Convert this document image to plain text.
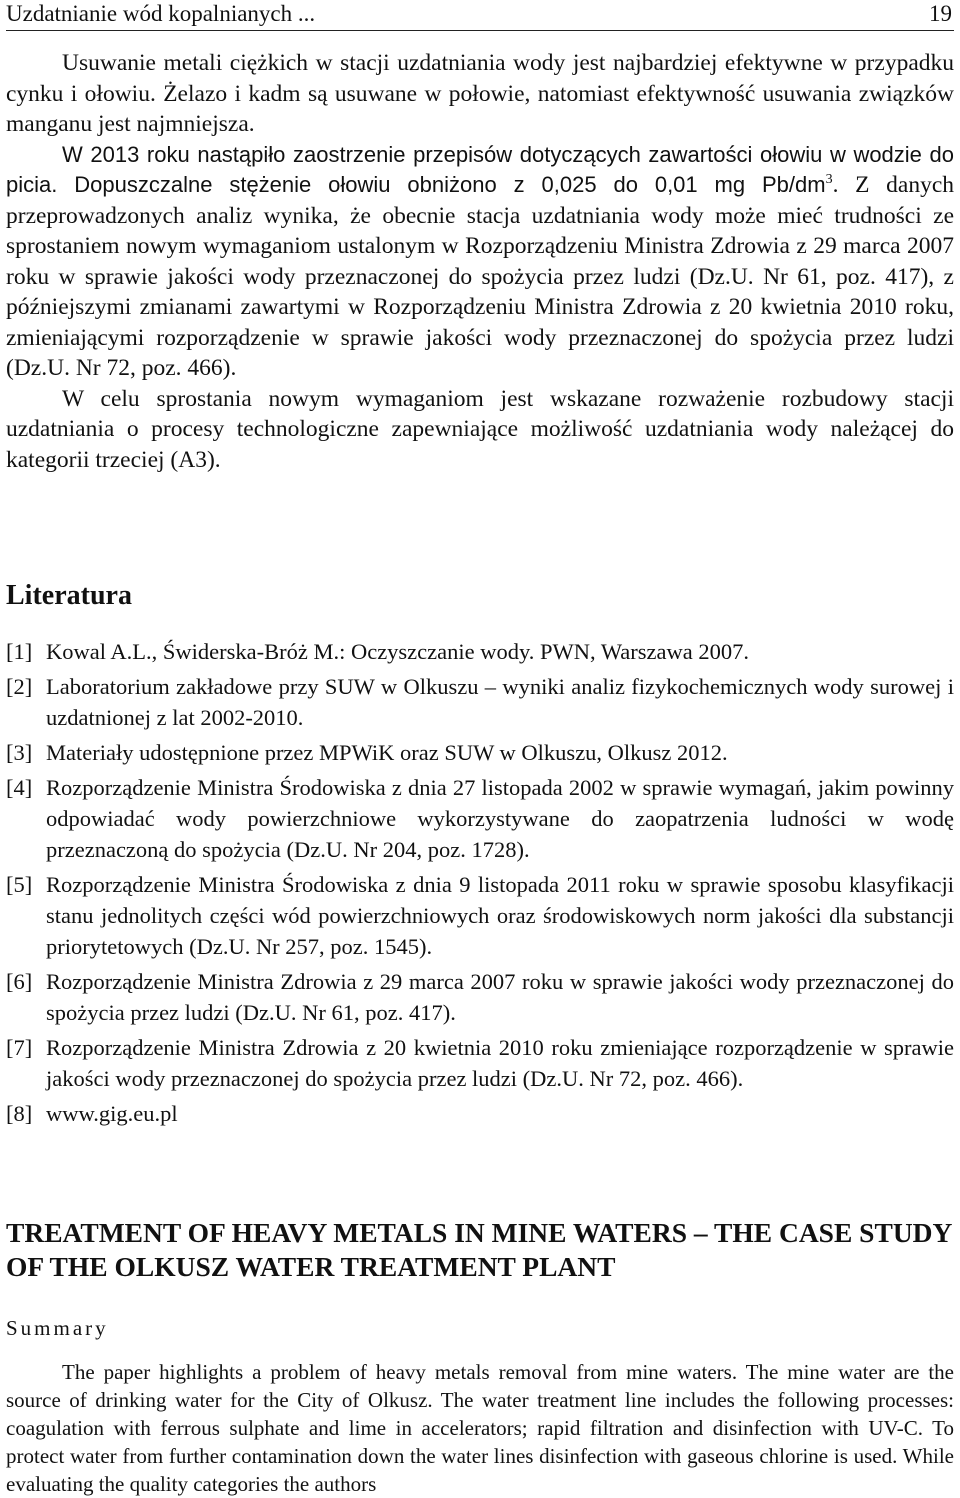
Uzdatnianie wód kopalnianych ...	19

Usuwanie metali ciężkich w stacji uzdatniania wody jest najbardziej efektywne w przypadku cynku i ołowiu. Żelazo i kadm są usuwane w połowie, natomiast efektywność usuwania związków manganu jest najmniejsza.

W 2013 roku nastąpiło zaostrzenie przepisów dotyczących zawartości ołowiu w wodzie do picia. Dopuszczalne stężenie ołowiu obniżono z 0,025 do 0,01 mg $Pb/dm^3$. Z danych przeprowadzonych analiz wynika, że obecnie stacja uzdatniania wody może mieć trudności ze sprostaniem nowym wymaganiom ustalonym w Rozporządzeniu Ministra Zdrowia z 29 marca 2007 roku w sprawie jakości wody przeznaczonej do spożycia przez ludzi (Dz.U. Nr 61, poz. 417), z późniejszymi zmianami zawartymi w Rozporządzeniu Ministra Zdrowia z 20 kwietnia 2010 roku, zmieniającymi rozporządzenie w sprawie jakości wody przeznaczonej do spożycia przez ludzi (Dz.U. Nr 72, poz. 466).

W celu sprostania nowym wymaganiom jest wskazane rozważenie rozbudowy stacji uzdatniania o procesy technologiczne zapewniające możliwość uzdatniania wody należącej do kategorii trzeciej (A3).

Literatura
[1] Kowal A.L., Świderska-Bróż M.: Oczyszczanie wody. PWN, Warszawa 2007.
[2] Laboratorium zakładowe przy SUW w Olkuszu – wyniki analiz fizykochemicznych wody surowej i uzdatnionej z lat 2002-2010.
[3] Materiały udostępnione przez MPWiK oraz SUW w Olkuszu, Olkusz 2012.
[4] Rozporządzenie Ministra Środowiska z dnia 27 listopada 2002 w sprawie wymagań, jakim powinny odpowiadać wody powierzchniowe wykorzystywane do zaopatrzenia ludności w wodę przeznaczoną do spożycia (Dz.U. Nr 204, poz. 1728).
[5] Rozporządzenie Ministra Środowiska z dnia 9 listopada 2011 roku w sprawie sposobu klasyfikacji stanu jednolitych części wód powierzchniowych oraz środowiskowych norm jakości dla substancji priorytetowych (Dz.U. Nr 257, poz. 1545).
[6] Rozporządzenie Ministra Zdrowia z 29 marca 2007 roku w sprawie jakości wody przeznaczonej do spożycia przez ludzi (Dz.U. Nr 61, poz. 417).
[7] Rozporządzenie Ministra Zdrowia z 20 kwietnia 2010 roku zmieniające rozporządzenie w sprawie jakości wody przeznaczonej do spożycia przez ludzi (Dz.U. Nr 72, poz. 466).
[8] www.gig.eu.pl
TREATMENT OF HEAVY METALS IN MINE WATERS – THE CASE STUDY OF THE OLKUSZ WATER TREATMENT PLANT
Summary

The paper highlights a problem of heavy metals removal from mine waters. The mine water are the source of drinking water for the City of Olkusz. The water treatment line includes the following processes: coagulation with ferrous sulphate and lime in accelerators; rapid filtration and disinfection with UV-C. To protect water from further contamination down the water lines disinfection with gaseous chlorine is used. While evaluating the quality categories the authors
